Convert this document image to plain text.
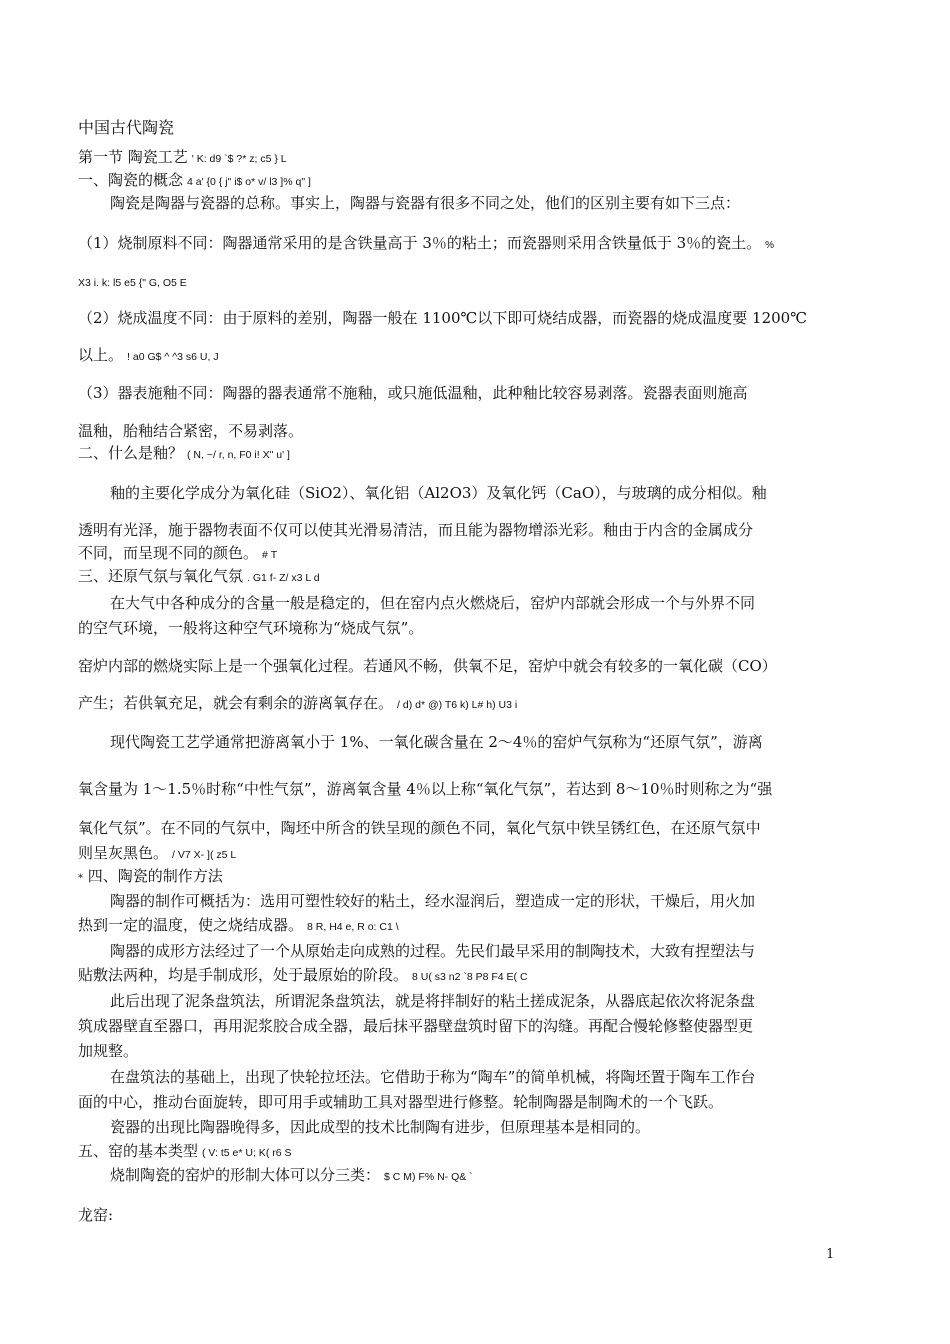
中国古代陶瓷
第一节 陶瓷工艺 ' K: d9 `$ ?* z; c5 } L
一、陶瓷的概念 4 a' {0 { j" i$ o* v/ l3 ]% q" ]
陶瓷是陶器与瓷器的总称。事实上，陶器与瓷器有很多不同之处，他们的区别主要有如下三点：
（1）烧制原料不同：陶器通常采用的是含铁量高于 3％的粘土；而瓷器则采用含铁量低于 3％的瓷土。 %
X3 i. k: l5 e5 {" G, O5 E
（2）烧成温度不同：由于原料的差别，陶器一般在 1100℃以下即可烧结成器，而瓷器的烧成温度要 1200℃
以上。 ! a0 G$ ^ ^3 s6 U, J
（3）器表施釉不同：陶器的器表通常不施釉，或只施低温釉，此种釉比较容易剥落。瓷器表面则施高
温釉，胎釉结合紧密，不易剥落。
二、什么是釉？ ( N, ~/ r, n, F0 i! X" u' ]
釉的主要化学成分为氧化硅（SiO2）、氧化铝（Al2O3）及氧化钙（CaO），与玻璃的成分相似。釉
透明有光泽，施于器物表面不仅可以使其光滑易清洁，而且能为器物增添光彩。釉由于内含的金属成分
不同，而呈现不同的颜色。 # T
三、还原气氛与氧化气氛 . G1 f- Z/ x3 L d
在大气中各种成分的含量一般是稳定的，但在窑内点火燃烧后，窑炉内部就会形成一个与外界不同
的空气环境，一般将这种空气环境称为“烧成气氛”。
窑炉内部的燃烧实际上是一个强氧化过程。若通风不畅，供氧不足，窑炉中就会有较多的一氧化碳（CO）
产生；若供氧充足，就会有剩余的游离氧存在。 / d) d* @) T6 k) L# h) U3 i
现代陶瓷工艺学通常把游离氧小于 1%、一氧化碳含量在 2～4％的窑炉气氛称为“还原气氛”，游离
氧含量为 1～1.5％时称“中性气氛”，游离氧含量 4％以上称“氧化气氛”，若达到 8～10％时则称之为“强
氧化气氛”。在不同的气氛中，陶坯中所含的铁呈现的颜色不同，氧化气氛中铁呈锈红色，在还原气氛中
则呈灰黑色。 / V7 X- ]( z5 L
* 四、陶瓷的制作方法
陶器的制作可概括为：选用可塑性较好的粘土，经水湿润后，塑造成一定的形状，干燥后，用火加
热到一定的温度，使之烧结成器。 8 R, H4 e, R o: C1 \
陶器的成形方法经过了一个从原始走向成熟的过程。先民们最早采用的制陶技术，大致有捏塑法与
贴敷法两种，均是手制成形，处于最原始的阶段。 8 U( s3 n2 `8 P8 F4 E( C
此后出现了泥条盘筑法，所谓泥条盘筑法，就是将拌制好的粘土搓成泥条，从器底起依次将泥条盘
筑成器壁直至器口，再用泥浆胶合成全器，最后抹平器壁盘筑时留下的沟缝。再配合慢轮修整使器型更
加规整。
在盘筑法的基础上，出现了快轮拉坯法。它借助于称为“陶车”的简单机械，将陶坯置于陶车工作台
面的中心，推动台面旋转，即可用手或辅助工具对器型进行修整。轮制陶器是制陶术的一个飞跃。
瓷器的出现比陶器晚得多，因此成型的技术比制陶有进步，但原理基本是相同的。
五、窑的基本类型 ( V: t5 e* U; K( r6 S
烧制陶瓷的窑炉的形制大体可以分三类： $ C M) F% N- Q& `
龙窑:
1
